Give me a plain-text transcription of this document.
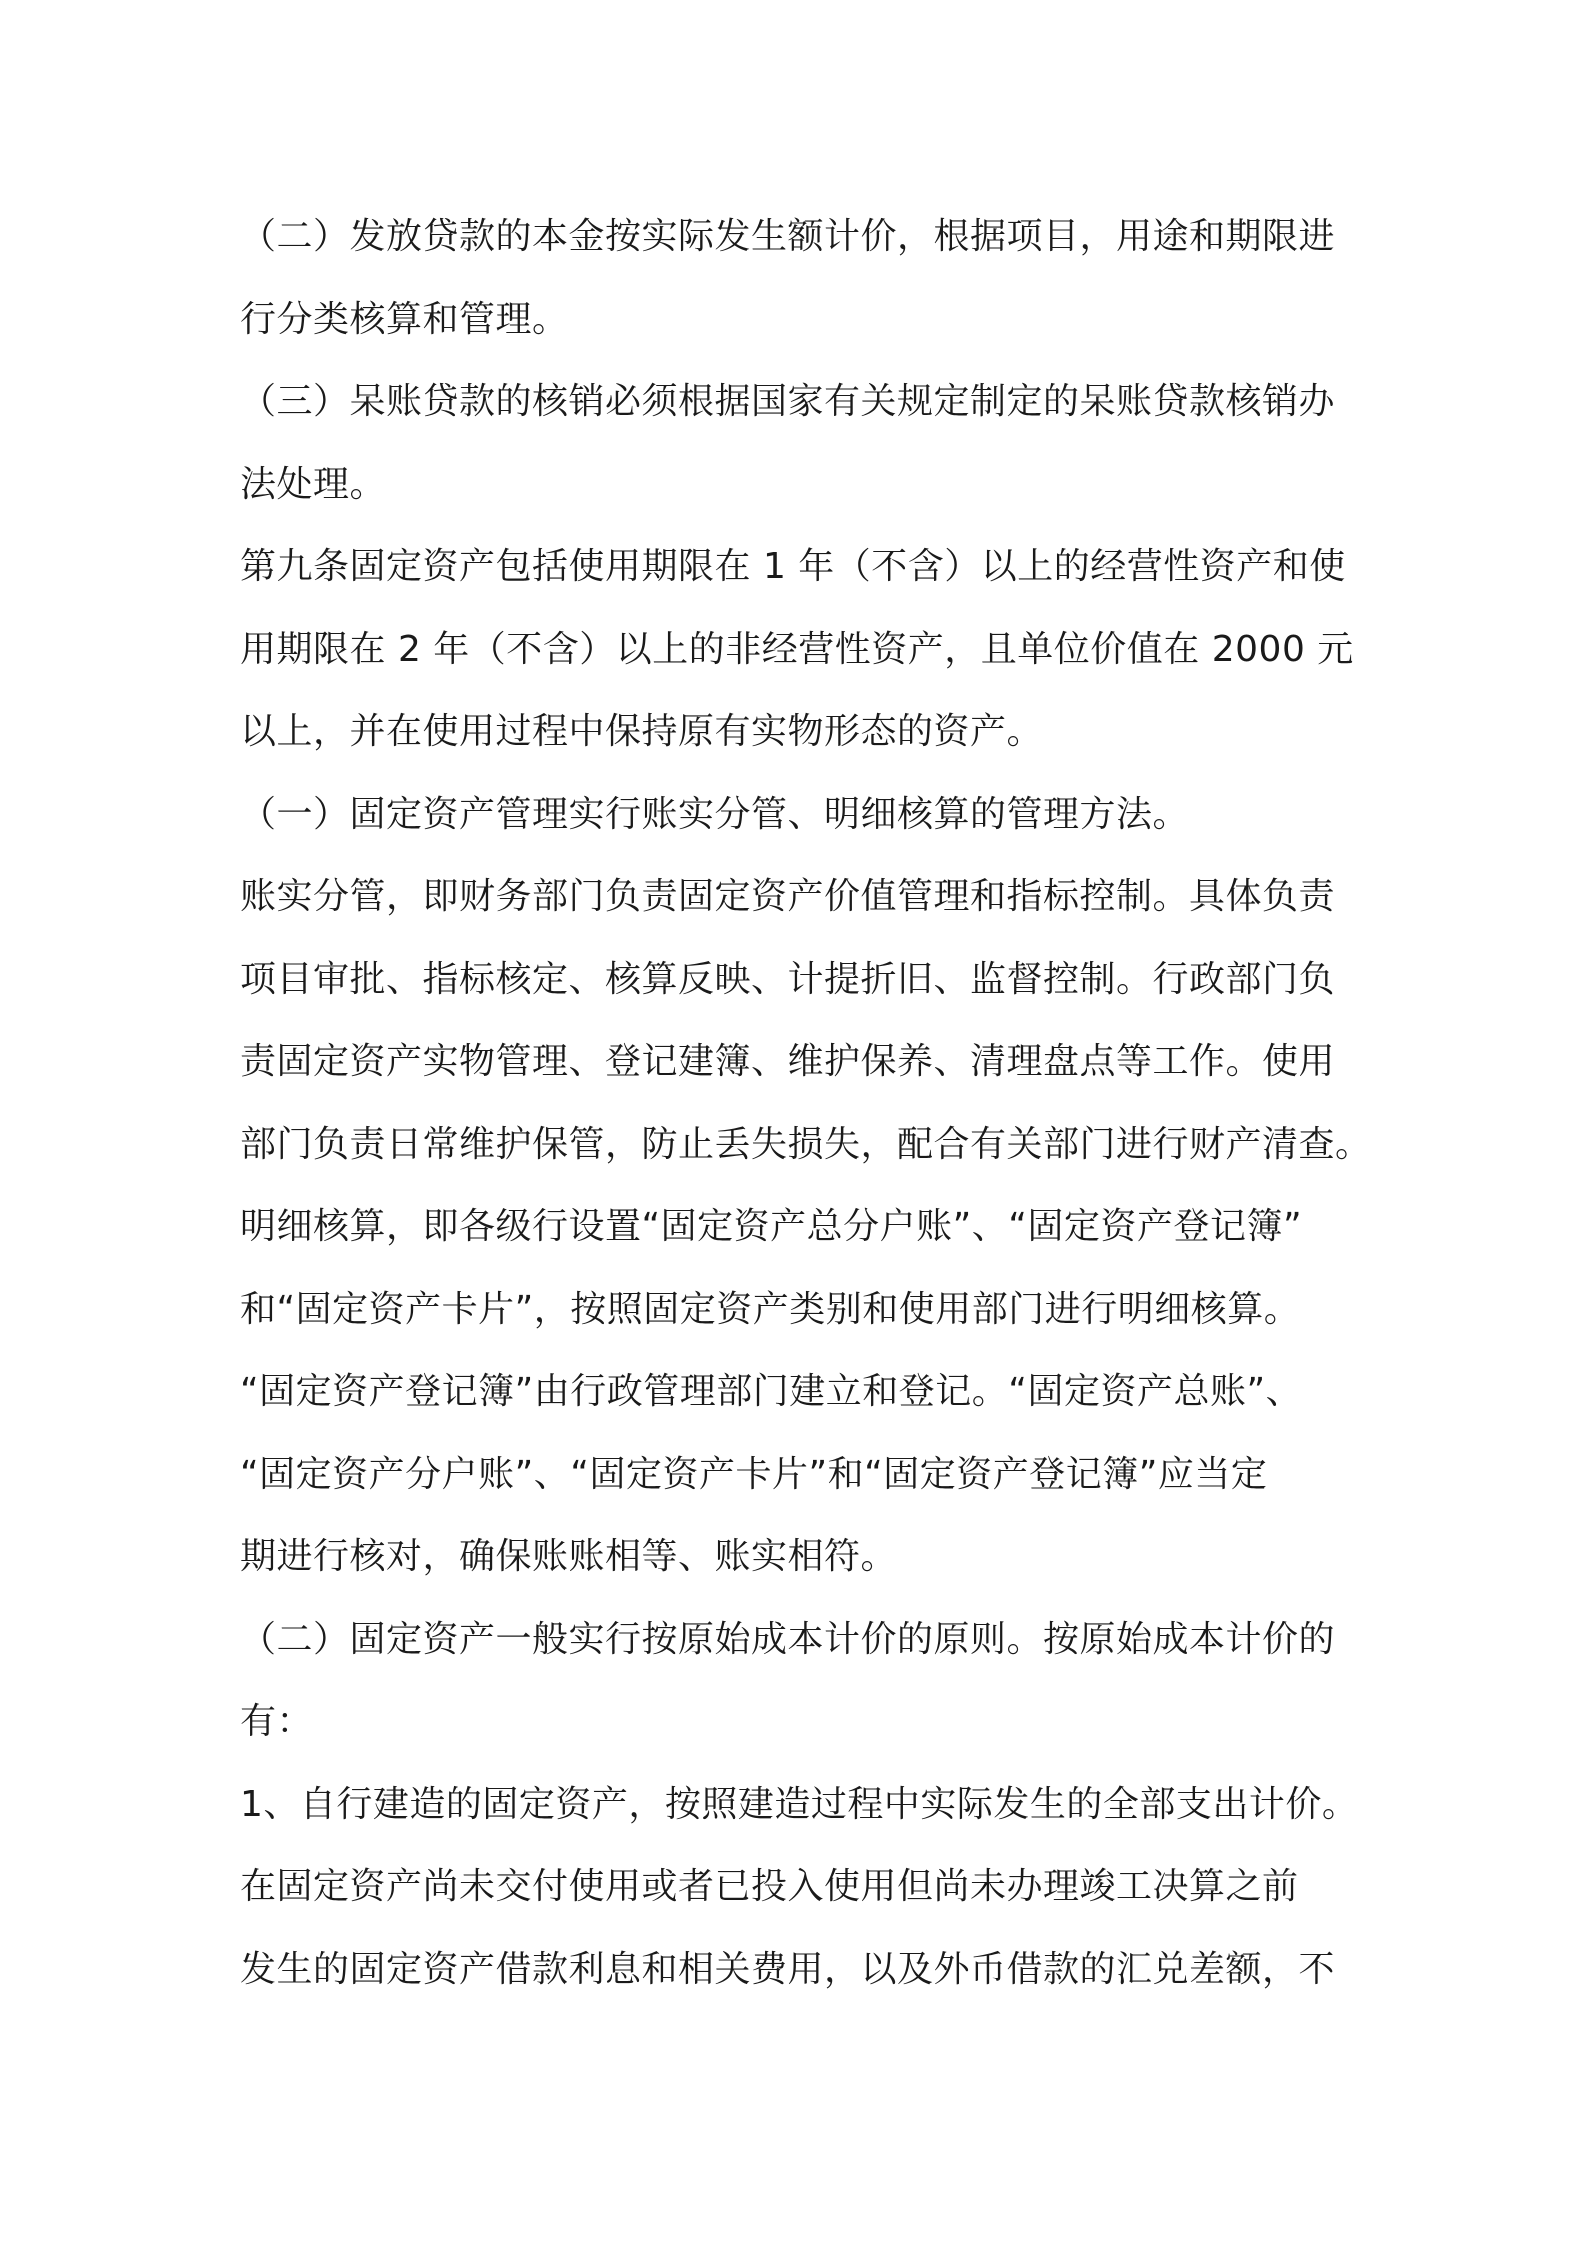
（二）发放贷款的本金按实际发生额计价，根据项目，用途和期限进
行分类核算和管理。
（三）呆账贷款的核销必须根据国家有关规定制定的呆账贷款核销办
法处理。
第九条固定资产包括使用期限在 1 年（不含）以上的经营性资产和使
用期限在 2 年（不含）以上的非经营性资产，且单位价值在 2000 元
以上，并在使用过程中保持原有实物形态的资产。
（一）固定资产管理实行账实分管、明细核算的管理方法。
账实分管，即财务部门负责固定资产价值管理和指标控制。具体负责
项目审批、指标核定、核算反映、计提折旧、监督控制。行政部门负
责固定资产实物管理、登记建簿、维护保养、清理盘点等工作。使用
部门负责日常维护保管，防止丢失损失，配合有关部门进行财产清查。
明细核算，即各级行设置“固定资产总分户账”、“固定资产登记簿”
和“固定资产卡片”，按照固定资产类别和使用部门进行明细核算。
“固定资产登记簿”由行政管理部门建立和登记。“固定资产总账”、
“固定资产分户账”、“固定资产卡片”和“固定资产登记簿”应当定
期进行核对，确保账账相等、账实相符。
（二）固定资产一般实行按原始成本计价的原则。按原始成本计价的
有：
1、自行建造的固定资产，按照建造过程中实际发生的全部支出计价。
在固定资产尚未交付使用或者已投入使用但尚未办理竣工决算之前
发生的固定资产借款利息和相关费用，以及外币借款的汇兑差额，不
